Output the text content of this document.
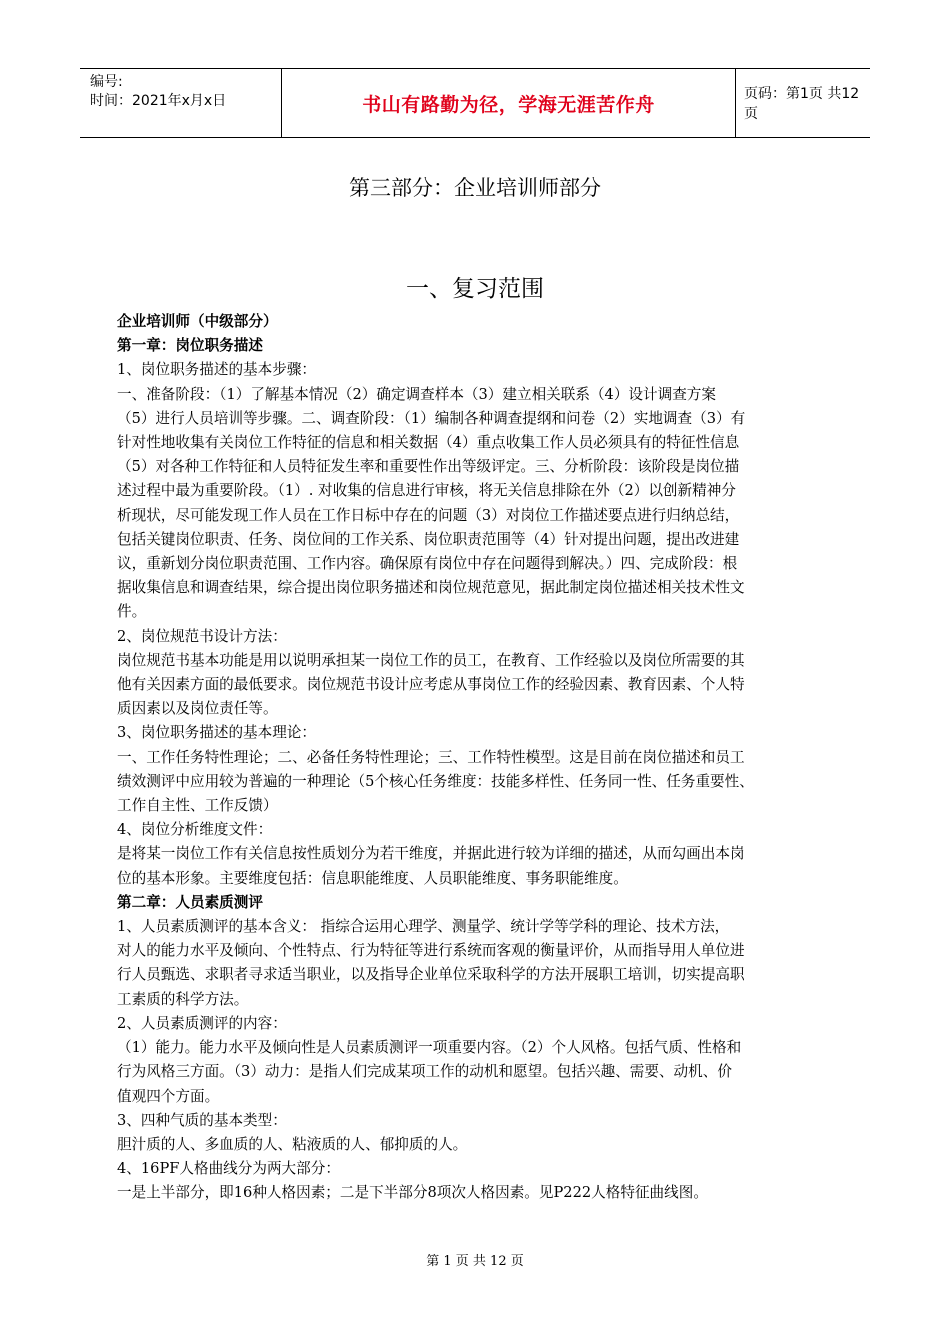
编号:
时间：2021年x月x日	书山有路勤为径，学海无涯苦作舟	页码：第1页 共12页
第三部分：企业培训师部分
一、复习范围

企业培训师（中级部分）

第一章：岗位职务描述

1、岗位职务描述的基本步骤：

一、准备阶段：（1）了解基本情况（2）确定调查样本（3）建立相关联系（4）设计调查方案

（5）进行人员培训等步骤。二、调查阶段：（1）编制各种调查提纲和问卷（2）实地调查（3）有

针对性地收集有关岗位工作特征的信息和相关数据（4）重点收集工作人员必须具有的特征性信息

（5）对各种工作特征和人员特征发生率和重要性作出等级评定。三、分析阶段：该阶段是岗位描

述过程中最为重要阶段。（1）. 对收集的信息进行审核，将无关信息排除在外（2）以创新精神分

析现状，尽可能发现工作人员在工作日标中存在的问题（3）对岗位工作描述要点进行归纳总结，

包括关键岗位职责、任务、岗位间的工作关系、岗位职责范围等（4）针对提出问题，提出改进建

议，重新划分岗位职责范围、工作内容。确保原有岗位中存在问题得到解决。）四、完成阶段：根

据收集信息和调查结果，综合提出岗位职务描述和岗位规范意见，据此制定岗位描述相关技术性文

件。

2、岗位规范书设计方法：

岗位规范书基本功能是用以说明承担某一岗位工作的员工，在教育、工作经验以及岗位所需要的其

他有关因素方面的最低要求。岗位规范书设计应考虑从事岗位工作的经验因素、教育因素、个人特

质因素以及岗位责任等。

3、岗位职务描述的基本理论：

一、工作任务特性理论；二、必备任务特性理论；三、工作特性模型。这是目前在岗位描述和员工

绩效测评中应用较为普遍的一种理论（5个核心任务维度：技能多样性、任务同一性、任务重要性、

工作自主性、工作反馈）

4、岗位分析维度文件：

是将某一岗位工作有关信息按性质划分为若干维度，并据此进行较为详细的描述，从而勾画出本岗

位的基本形象。主要维度包括：信息职能维度、人员职能维度、事务职能维度。

第二章：人员素质测评

1、人员素质测评的基本含义： 指综合运用心理学、测量学、统计学等学科的理论、技术方法，

对人的能力水平及倾向、个性特点、行为特征等进行系统而客观的衡量评价，从而指导用人单位进

行人员甄选、求职者寻求适当职业，以及指导企业单位采取科学的方法开展职工培训，切实提高职

工素质的科学方法。

2、人员素质测评的内容：

（1）能力。能力水平及倾向性是人员素质测评一项重要内容。（2）个人风格。包括气质、性格和

行为风格三方面。（3）动力：是指人们完成某项工作的动机和愿望。包括兴趣、需要、动机、价

值观四个方面。

3、四种气质的基本类型：

胆汁质的人、多血质的人、粘液质的人、郁抑质的人。

4、16PF人格曲线分为两大部分：

一是上半部分，即16种人格因素；二是下半部分8项次人格因素。见P222人格特征曲线图。

第 1 页 共 12 页
